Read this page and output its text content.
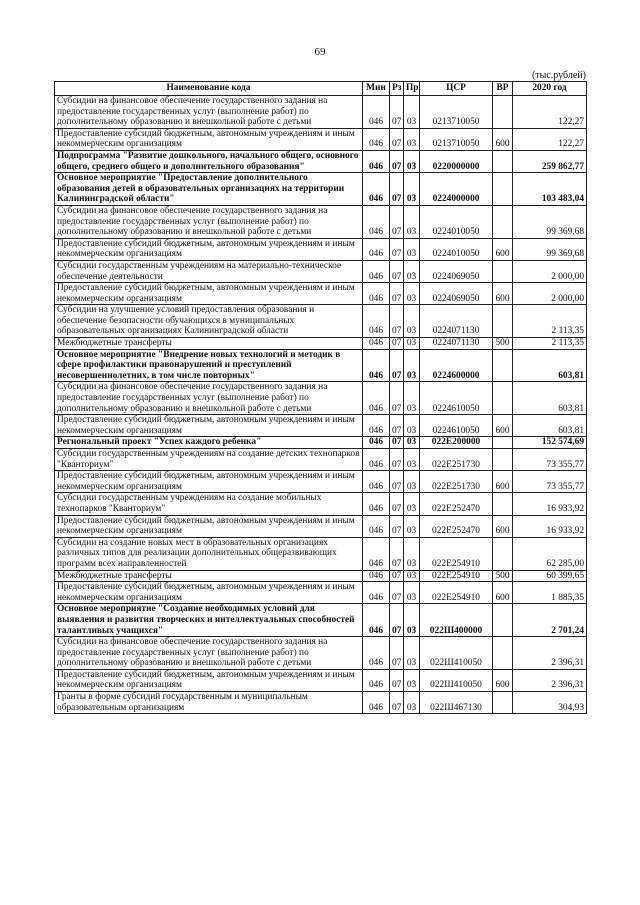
69
(тыс.рублей)
Наименование кода	Мин	Рз	Пр	ЦСР	ВР	2020 год
Субсидии на финансовое обеспечение государственного задания на предоставление государственных услуг (выполнение работ) по дополнительному образованию и внешкольной работе с детьми	046	07	03	0213710050		122,27
Предоставление субсидий бюджетным, автономным учреждениям и иным некоммерческим организациям	046	07	03	0213710050	600	122,27
Подпрограмма "Развитие дошкольного, начального общего, основного общего, среднего общего и дополнительного образования"	046	07	03	0220000000		259 862,77
Основное мероприятие "Предоставление дополнительного образования детей в образовательных организациях на территории Калининградской области"	046	07	03	0224000000		103 483,04
Субсидии на финансовое обеспечение государственного задания на предоставление государственных услуг (выполнение работ) по дополнительному образованию и внешкольной работе с детьми	046	07	03	0224010050		99 369,68
Предоставление субсидий бюджетным, автономным учреждениям и иным некоммерческим организациям	046	07	03	0224010050	600	99 369,68
Субсидии государственным учреждениям на материально-техническое обеспечение деятельности	046	07	03	0224069050		2 000,00
Предоставление субсидий бюджетным, автономным учреждениям и иным некоммерческим организациям	046	07	03	0224069050	600	2 000,00
Субсидии на улучшение условий предоставления образования и обеспечение безопасности обучающихся в муниципальных образовательных организациях Калининградской области	046	07	03	0224071130		2 113,35
Межбюджетные трансферты	046	07	03	0224071130	500	2 113,35
Основное мероприятие "Внедрение новых технологий и методик в сфере профилактики правонарушений и преступлений несовершеннолетних, в том числе повторных"	046	07	03	0224600000		603,81
Субсидии на финансовое обеспечение государственного задания на предоставление государственных услуг (выполнение работ) по дополнительному образованию и внешкольной работе с детьми	046	07	03	0224610050		603,81
Предоставление субсидий бюджетным, автономным учреждениям и иным некоммерческим организациям	046	07	03	0224610050	600	603,81
Региональный проект "Успех каждого ребенка"	046	07	03	022E200000		152 574,69
Субсидии государственным учреждениям на создание детских технопарков "Кванториум"	046	07	03	022E251730		73 355,77
Предоставление субсидий бюджетным, автономным учреждениям и иным некоммерческим организациям	046	07	03	022E251730	600	73 355,77
Субсидии государственным учреждениям на создание мобильных технопарков "Кванториум"	046	07	03	022E252470		16 933,92
Предоставление субсидий бюджетным, автономным учреждениям и иным некоммерческим организациям	046	07	03	022E252470	600	16 933,92
Субсидии на создание новых мест в образовательных организациях различных типов для реализации дополнительных общеразвивающих программ всех направленностей	046	07	03	022E254910		62 285,00
Межбюджетные трансферты	046	07	03	022E254910	500	60 399,65
Предоставление субсидий бюджетным, автономным учреждениям и иным некоммерческим организациям	046	07	03	022E254910	600	1 885,35
Основное мероприятие "Создание необходимых условий для выявления и развития творческих и интеллектуальных способностей талантливых учащихся"	046	07	03	022Ш400000		2 701,24
Субсидии на финансовое обеспечение государственного задания на предоставление государственных услуг (выполнение работ) по дополнительному образованию и внешкольной работе с детьми	046	07	03	022Ш410050		2 396,31
Предоставление субсидий бюджетным, автономным учреждениям и иным некоммерческим организациям	046	07	03	022Ш410050	600	2 396,31
Гранты в форме субсидий государственным и муниципальным образовательным организациям	046	07	03	022Ш467130		304,93
